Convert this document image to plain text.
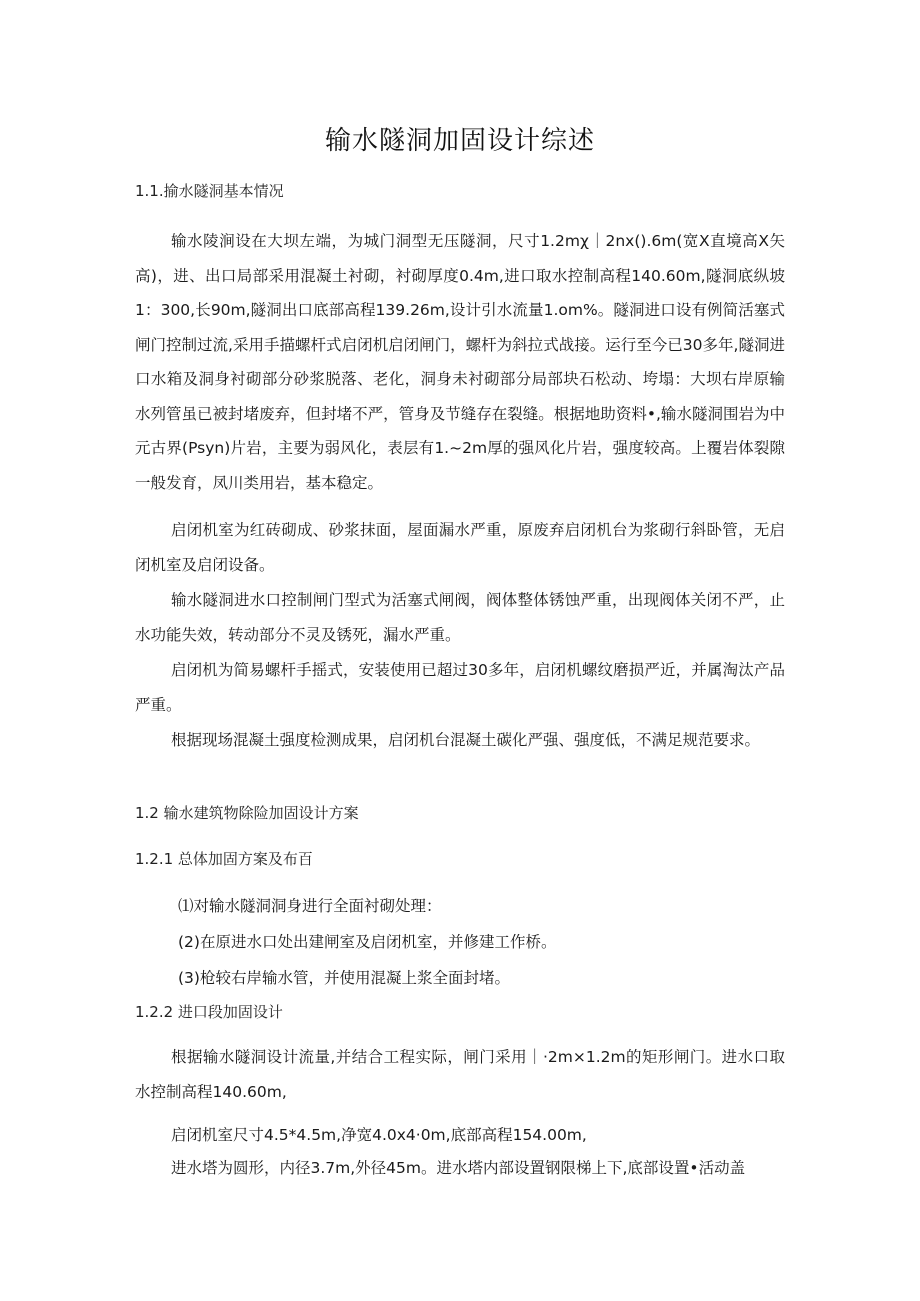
输水隧洞加固设计综述
1.1.揄水隧洞基本情况

输水陵涧设在大坝左端，为城门洞型无压隧洞，尺寸1.2mχ｜2nx().6m(宽X直境高X矢高)，进、出口局部采用混凝土衬砌，衬砌厚度0.4m,进口取水控制高程140.60m,隧洞底纵坡1：300,长90m,隧洞出口底部高程139.26m,设计引水流量1.om%。隧洞进口设有例简活塞式闸门控制过流,采用手描螺杆式启闭机启闭闸门，螺杆为斜拉式战接。运行至今已30多年,隧洞进口水箱及洞身衬砌部分砂浆脱落、老化，洞身未衬砌部分局部块石松动、垮塌：大坝右岸原输水列管虽已被封堵废弃，但封堵不严，管身及节缝存在裂缝。根据地助资料•,输水隧洞围岩为中元古界(Psyn)片岩，主要为弱风化，表层有1.~2m厚的强风化片岩，强度较高。上覆岩体裂隙一般发育，凤川类用岩，基本稳定。

启闭机室为红砖砌成、砂浆抹面，屋面漏水严重，原废弃启闭机台为浆砌行斜卧管，无启闭机室及启闭设备。

输水隧洞进水口控制闸门型式为活塞式闸阀，阀体整体锈蚀严重，出现阀体关闭不严，止水功能失效，转动部分不灵及锈死，漏水严重。

启闭机为简易螺杆手摇式，安装使用已超过30多年，启闭机螺纹磨损严近，并属淘汰产品严重。

根据现场混凝土强度检测成果，启闭机台混凝土碳化严强、强度低，不满足规范要求。

1.2 输水建筑物除险加固设计方案
1.2.1 总体加固方案及布百
⑴对输水隧洞洞身进行全面衬砌处理：
(2)在原进水口处出建闸室及启闭机室，并修建工作桥。
(3)枪较右岸输水管，并使用混凝上浆全面封堵。
1.2.2 进口段加固设计

根据输水隧洞设计流量,并结合工程实际，闸门采用｜·2m×1.2m的矩形闸门。进水口取水控制高程140.60m,

启闭机室尺寸4.5*4.5m,净宽4.0x4·0m,底部高程154.00m,
进水塔为圆形，内径3.7m,外径45m。进水塔内部设置钢限梯上下,底部设置•活动盖
